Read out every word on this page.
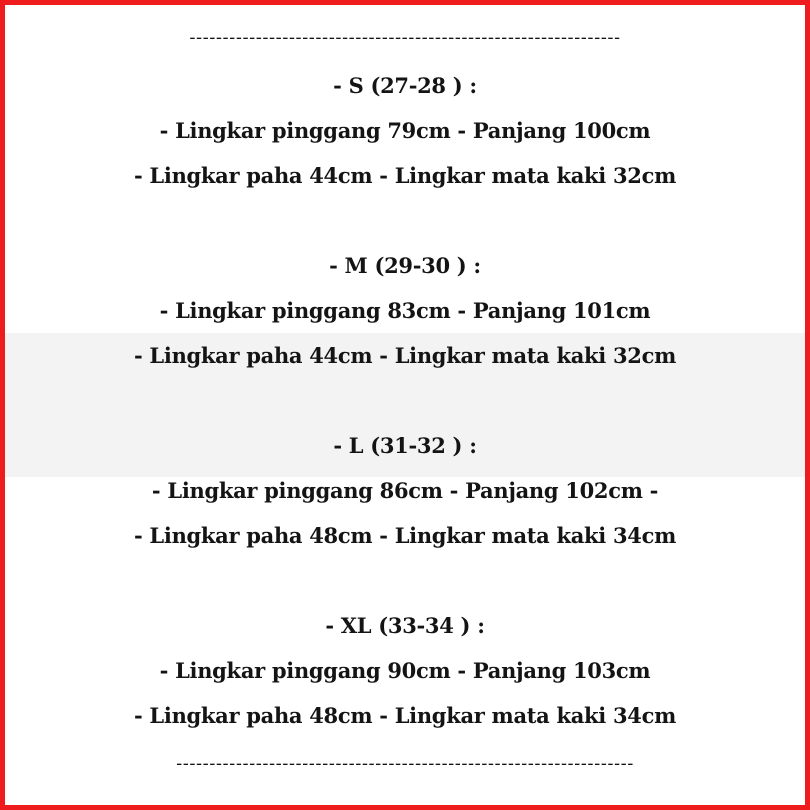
-----------------------------------------------------------------
- S (27-28 ) :
- Lingkar pinggang 79cm - Panjang 100cm
- Lingkar paha 44cm - Lingkar mata kaki 32cm
- M (29-30 ) :
- Lingkar pinggang 83cm - Panjang 101cm
- Lingkar paha 44cm - Lingkar mata kaki 32cm
- L (31-32 ) :
- Lingkar pinggang 86cm - Panjang 102cm -
- Lingkar paha 48cm - Lingkar mata kaki 34cm
- XL (33-34 ) :
- Lingkar pinggang 90cm - Panjang 103cm
- Lingkar paha 48cm - Lingkar mata kaki 34cm
---------------------------------------------------------------------
